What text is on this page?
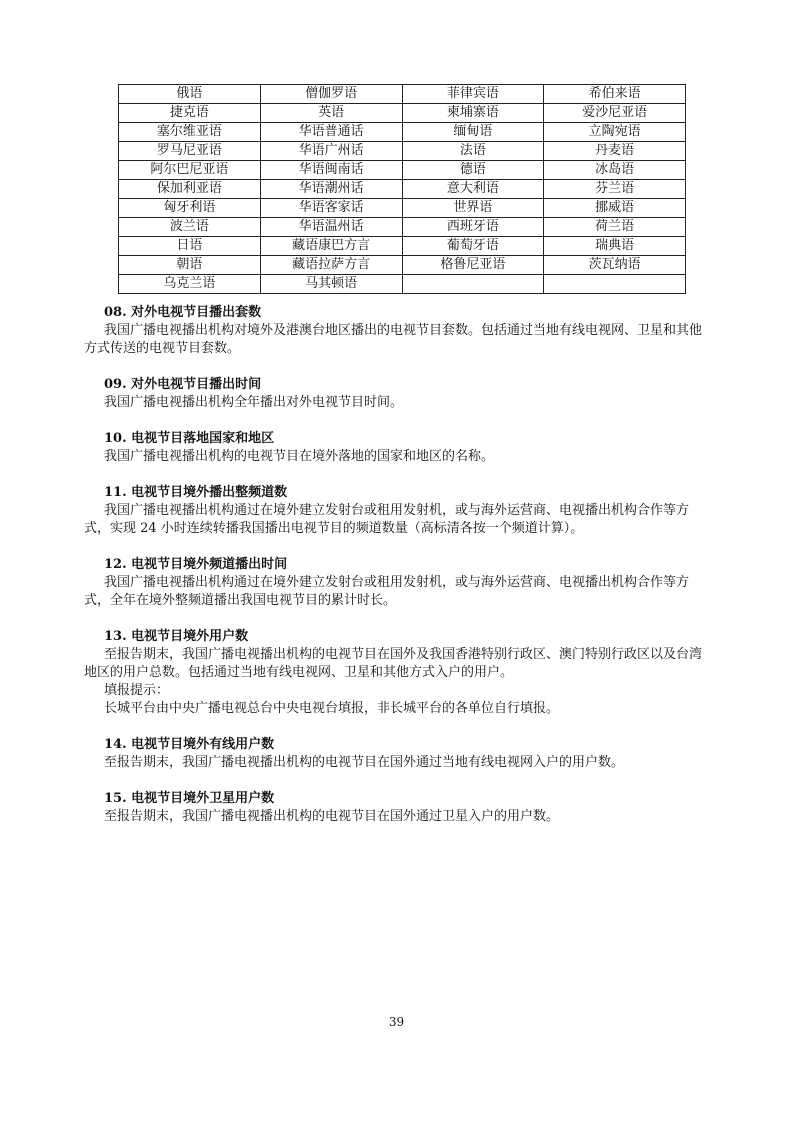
俄语	僧伽罗语	菲律宾语	希伯来语
捷克语	英语	柬埔寨语	爱沙尼亚语
塞尔维亚语	华语普通话	缅甸语	立陶宛语
罗马尼亚语	华语广州话	法语	丹麦语
阿尔巴尼亚语	华语闽南话	德语	冰岛语
保加利亚语	华语潮州话	意大利语	芬兰语
匈牙利语	华语客家话	世界语	挪威语
波兰语	华语温州话	西班牙语	荷兰语
日语	藏语康巴方言	葡萄牙语	瑞典语
朝语	藏语拉萨方言	格鲁尼亚语	茨瓦纳语
乌克兰语	马其顿语		
08. 对外电视节目播出套数
我国广播电视播出机构对境外及港澳台地区播出的电视节目套数。包括通过当地有线电视网、卫星和其他方式传送的电视节目套数。
09. 对外电视节目播出时间
我国广播电视播出机构全年播出对外电视节目时间。
10. 电视节目落地国家和地区
我国广播电视播出机构的电视节目在境外落地的国家和地区的名称。
11. 电视节目境外播出整频道数
我国广播电视播出机构通过在境外建立发射台或租用发射机，或与海外运营商、电视播出机构合作等方式，实现 24 小时连续转播我国播出电视节目的频道数量（高标清各按一个频道计算）。
12. 电视节目境外频道播出时间
我国广播电视播出机构通过在境外建立发射台或租用发射机，或与海外运营商、电视播出机构合作等方式，全年在境外整频道播出我国电视节目的累计时长。
13. 电视节目境外用户数
至报告期末，我国广播电视播出机构的电视节目在国外及我国香港特别行政区、澳门特别行政区以及台湾地区的用户总数。包括通过当地有线电视网、卫星和其他方式入户的用户。
填报提示：
长城平台由中央广播电视总台中央电视台填报，非长城平台的各单位自行填报。
14. 电视节目境外有线用户数
至报告期末，我国广播电视播出机构的电视节目在国外通过当地有线电视网入户的用户数。
15. 电视节目境外卫星用户数
至报告期末，我国广播电视播出机构的电视节目在国外通过卫星入户的用户数。
39
